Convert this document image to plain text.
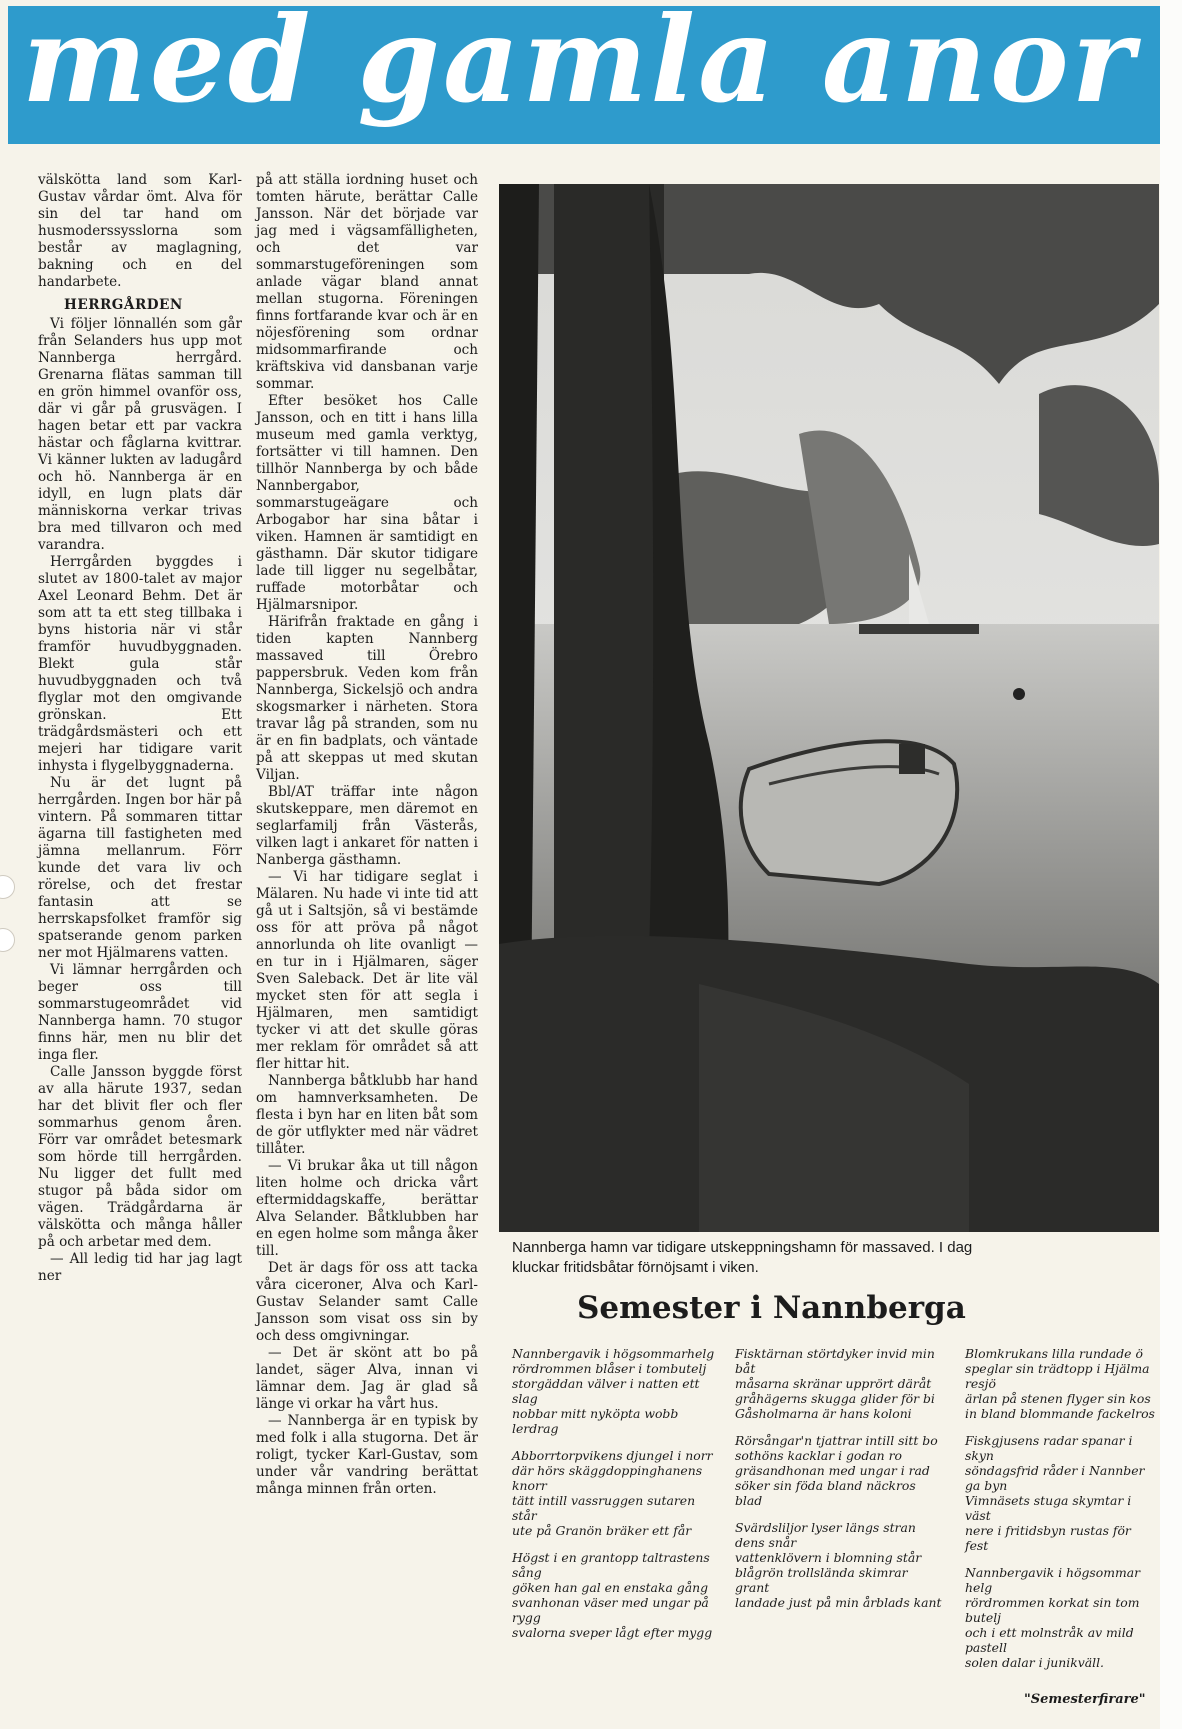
med gamla anor

välskötta land som Karl-Gustav vårdar ömt. Alva för sin del tar hand om husmoderssysslorna som består av maglagning, bakning och en del handarbete.

HERRGÅRDEN

Vi följer lönnallén som går från Selanders hus upp mot Nannberga herrgård. Grenarna flätas samman till en grön himmel ovanför oss, där vi går på grusvägen. I hagen betar ett par vackra hästar och fåglarna kvittrar. Vi känner lukten av ladugård och hö. Nannberga är en idyll, en lugn plats där människorna verkar trivas bra med tillvaron och med varandra.

Herrgården byggdes i slutet av 1800-talet av major Axel Leonard Behm. Det är som att ta ett steg tillbaka i byns historia när vi står framför huvudbyggnaden. Blekt gula står huvudbyggnaden och två flyglar mot den omgivande grönskan. Ett trädgårdsmästeri och ett mejeri har tidigare varit inhysta i flygelbyggnaderna.

Nu är det lugnt på herrgården. Ingen bor här på vintern. På sommaren tittar ägarna till fastigheten med jämna mellanrum. Förr kunde det vara liv och rörelse, och det frestar fantasin att se herrskapsfolket framför sig spatserande genom parken ner mot Hjälmarens vatten.

Vi lämnar herrgården och beger oss till sommarstugeområdet vid Nannberga hamn. 70 stugor finns här, men nu blir det inga fler.

Calle Jansson byggde först av alla härute 1937, sedan har det blivit fler och fler sommarhus genom åren. Förr var området betesmark som hörde till herrgården. Nu ligger det fullt med stugor på båda sidor om vägen. Trädgårdarna är välskötta och många håller på och arbetar med dem.

— All ledig tid har jag lagt ner

på att ställa iordning huset och tomten härute, berättar Calle Jansson. När det började var jag med i vägsamfälligheten, och det var sommarstugeföreningen som anlade vägar bland annat mellan stugorna. Föreningen finns fortfarande kvar och är en nöjesförening som ordnar midsommarfirande och kräftskiva vid dansbanan varje sommar.

Efter besöket hos Calle Jansson, och en titt i hans lilla museum med gamla verktyg, fortsätter vi till hamnen. Den tillhör Nannberga by och både Nannbergabor, sommarstugeägare och Arbogabor har sina båtar i viken. Hamnen är samtidigt en gästhamn. Där skutor tidigare lade till ligger nu segelbåtar, ruffade motorbåtar och Hjälmarsnipor.

Härifrån fraktade en gång i tiden kapten Nannberg massaved till Örebro pappersbruk. Veden kom från Nannberga, Sickelsjö och andra skogsmarker i närheten. Stora travar låg på stranden, som nu är en fin badplats, och väntade på att skeppas ut med skutan Viljan.

Bbl/AT träffar inte någon skutskeppare, men däremot en seglarfamilj från Västerås, vilken lagt i ankaret för natten i Nanberga gästhamn.

— Vi har tidigare seglat i Mälaren. Nu hade vi inte tid att gå ut i Saltsjön, så vi bestämde oss för att pröva på något annorlunda oh lite ovanligt — en tur in i Hjälmaren, säger Sven Saleback. Det är lite väl mycket sten för att segla i Hjälmaren, men samtidigt tycker vi att det skulle göras mer reklam för området så att fler hittar hit.

Nannberga båtklubb har hand om hamnverksamheten. De flesta i byn har en liten båt som de gör utflykter med när vädret tillåter.

— Vi brukar åka ut till någon liten holme och dricka vårt eftermiddagskaffe, berättar Alva Selander. Båtklubben har en egen holme som många åker till.

Det är dags för oss att tacka våra ciceroner, Alva och Karl-Gustav Selander samt Calle Jansson som visat oss sin by och dess omgivningar.

— Det är skönt att bo på landet, säger Alva, innan vi lämnar dem. Jag är glad så länge vi orkar ha vårt hus.

— Nannberga är en typisk by med folk i alla stugorna. Det är roligt, tycker Karl-Gustav, som under vår vandring berättat många minnen från orten.

Nannberga hamn var tidigare utskeppningshamn för massaved. I dag kluckar fritidsbåtar förnöjsamt i viken.
Semester i Nannberga
Nannbergavik i högsommarhelg
rördrommen blåser i tombutelj
storgäddan välver i natten ett slag
nobbar mitt nyköpta wobb lerdrag
Abborrtorpvikens djungel i norr
där hörs skäggdoppinghanens knorr
tätt intill vassruggen sutaren står
ute på Granön bräker ett får
Högst i en grantopp taltrastens sång
göken han gal en enstaka gång
svanhonan väser med ungar på rygg
svalorna sveper lågt efter mygg
Fisktärnan störtdyker invid min båt
måsarna skränar upprört däråt
gråhägerns skugga glider för bi
Gåsholmarna är hans koloni
Rörsångar'n tjattrar intill sitt bo
sothöns kacklar i godan ro
gräsandhonan med ungar i rad
söker sin föda bland näckros blad
Svärdsliljor lyser längs stran dens snår
vattenklövern i blomning står
blågrön trollslända skimrar grant
landade just på min årblads kant
Blomkrukans lilla rundade ö
speglar sin trädtopp i Hjälma resjö
ärlan på stenen flyger sin kos
in bland blommande fackelros
Fiskgjusens radar spanar i skyn
söndagsfrid råder i Nannber ga byn
Vimnäsets stuga skymtar i väst
nere i fritidsbyn rustas för fest
Nannbergavik i högsommar helg
rördrommen korkat sin tom butelj
och i ett molnstråk av mild pastell
solen dalar i junikväll.
"Semesterfirare"
